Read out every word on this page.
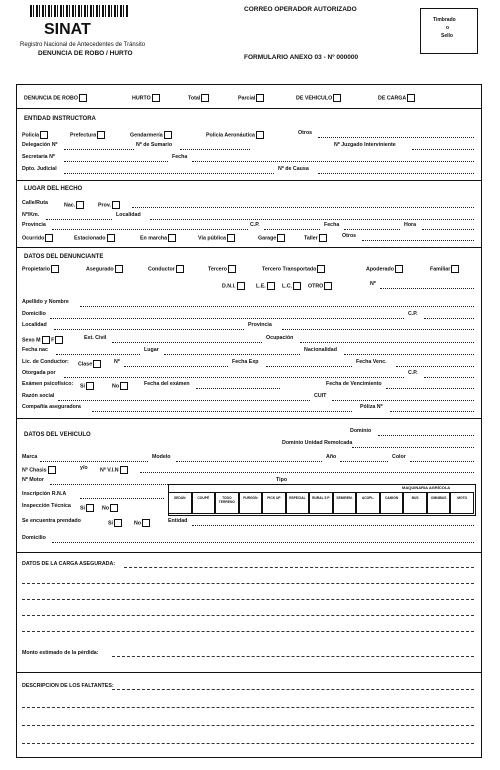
SINAT
Registro Nacional de Antecedentes de Tránsito
DENUNCIA DE ROBO / HURTO
CORREO OPERADOR AUTORIZADO
FORMULARIO ANEXO 03 - Nº 000000
Timbrado
o
Sello
DENUNCIA DE ROBO	HURTO	Total	Parcial	DE VEHICULO	DE CARGA
ENTIDAD INSTRUCTORA
Policía	Prefectura	Gendarmería	Policía Aeronáutica	Otros
Delegación Nº	Nº de Sumario	Nº Juzgado Interviniente
Secretaría Nº	Fecha
Dpto. Judicial	Nº de Causa
LUGAR DEL HECHO
Calle/Ruta	Nac.	Prov.
Nº/Km.	Localidad
Provincia	C.P.	Fecha	Hora
Ocurrido	Estacionado	En marcha	Vía pública	Garage	Taller	Otros
DATOS DEL DENUNCIANTE
Propietario	Asegurado	Conductor	Tercero	Tercero Transportado	Apoderado	Familiar
D.N.I.	L.E.	L.C.	OTRO	Nº
Apellido y Nombre
Domicilio	C.P.
Localidad	Provincia
Sexo M F	Est. Civil	Ocupación
Fecha nac	Lugar	Nacionalidad
Lic. de Conductor: Clase	Nº	Fecha Exp	Fecha Venc.
Otorgada por	C.P.
Exámen psicofísico: Si	No	Fecha del exámen	Fecha de Vencimiento
Razón social	CUIT
Compañía aseguradora	Póliza Nº
DATOS DEL VEHICULO
Dominio
Dominio Unidad Remolcada
Marca	Modelo	Año	Color
Nº Chasis	y/o Nº V.I.N
Nº Motor	Tipo
Inscripción R.N.A
Inspección Técnica Si	No
MAQUINARIA AGRÍCOLA
SEDÁN	COUPÉ	TODO TERRENO
FURGÓN	PICK UP	ESPECIAL	RURAL 5 P.	SEMIREM.	ACOPL.	CAMIÓN	BUS	OMNIBUS	MOTO
Se encuentra prendado	Si	No	Entidad
Domicilio
DATOS DE LA CARGA ASEGURADA:
Monto estimado de la pérdida:
DESCRIPCION DE LOS FALTANTES:
